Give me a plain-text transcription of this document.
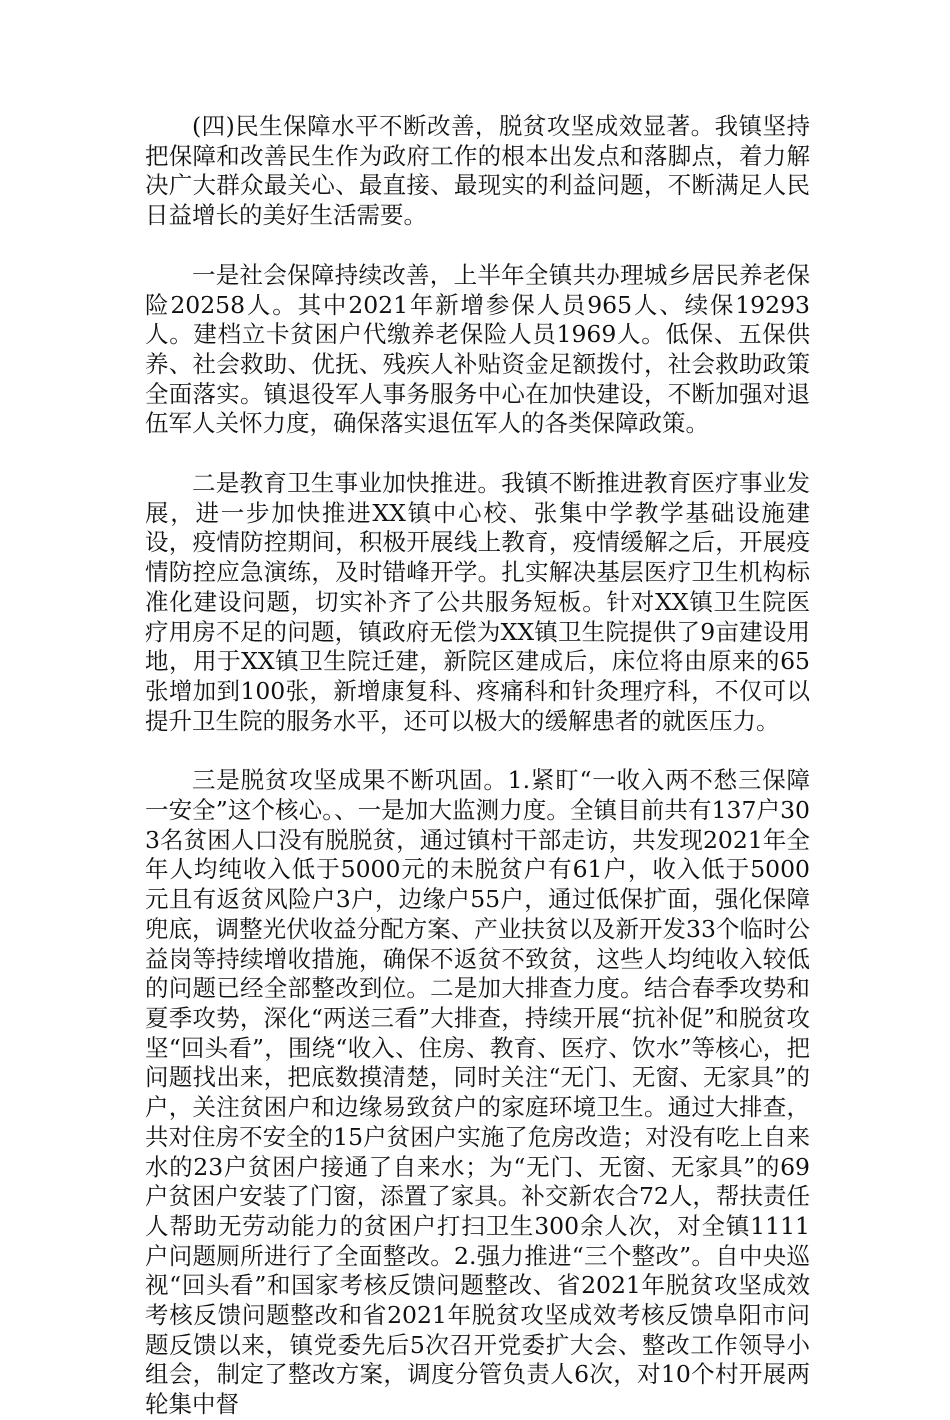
(四)民生保障水平不断改善，脱贫攻坚成效显著。我镇坚持把保障和改善民生作为政府工作的根本出发点和落脚点，着力解决广大群众最关心、最直接、最现实的利益问题，不断满足人民日益增长的美好生活需要。

一是社会保障持续改善，上半年全镇共办理城乡居民养老保险20258人。其中2021年新增参保人员965人、续保19293人。建档立卡贫困户代缴养老保险人员1969人。低保、五保供养、社会救助、优抚、残疾人补贴资金足额拨付，社会救助政策全面落实。镇退役军人事务服务中心在加快建设，不断加强对退伍军人关怀力度，确保落实退伍军人的各类保障政策。

二是教育卫生事业加快推进。我镇不断推进教育医疗事业发展，进一步加快推进XX镇中心校、张集中学教学基础设施建设，疫情防控期间，积极开展线上教育，疫情缓解之后，开展疫情防控应急演练，及时错峰开学。扎实解决基层医疗卫生机构标准化建设问题，切实补齐了公共服务短板。针对XX镇卫生院医疗用房不足的问题，镇政府无偿为XX镇卫生院提供了9亩建设用地，用于XX镇卫生院迁建，新院区建成后，床位将由原来的65张增加到100张，新增康复科、疼痛科和针灸理疗科，不仅可以提升卫生院的服务水平，还可以极大的缓解患者的就医压力。

三是脱贫攻坚成果不断巩固。1.紧盯“一收入两不愁三保障一安全”这个核心。、一是加大监测力度。全镇目前共有137户303名贫困人口没有脱脱贫，通过镇村干部走访，共发现2021年全年人均纯收入低于5000元的未脱贫户有61户，收入低于5000元且有返贫风险户3户，边缘户55户，通过低保扩面，强化保障兜底，调整光伏收益分配方案、产业扶贫以及新开发33个临时公益岗等持续增收措施，确保不返贫不致贫，这些人均纯收入较低的问题已经全部整改到位。二是加大排查力度。结合春季攻势和夏季攻势，深化“两送三看”大排查，持续开展“抗补促”和脱贫攻坚“回头看”，围绕“收入、住房、教育、医疗、饮水”等核心，把问题找出来，把底数摸清楚，同时关注“无门、无窗、无家具”的户，关注贫困户和边缘易致贫户的家庭环境卫生。通过大排查，共对住房不安全的15户贫困户实施了危房改造；对没有吃上自来水的23户贫困户接通了自来水；为“无门、无窗、无家具”的69户贫困户安装了门窗，添置了家具。补交新农合72人，帮扶责任人帮助无劳动能力的贫困户打扫卫生300余人次，对全镇1111户问题厕所进行了全面整改。2.强力推进“三个整改”。自中央巡视“回头看”和国家考核反馈问题整改、省2021年脱贫攻坚成效考核反馈问题整改和省2021年脱贫攻坚成效考核反馈阜阳市问题反馈以来，镇党委先后5次召开党委扩大会、整改工作领导小组会，制定了整改方案，调度分管负责人6次，对10个村开展两轮集中督
